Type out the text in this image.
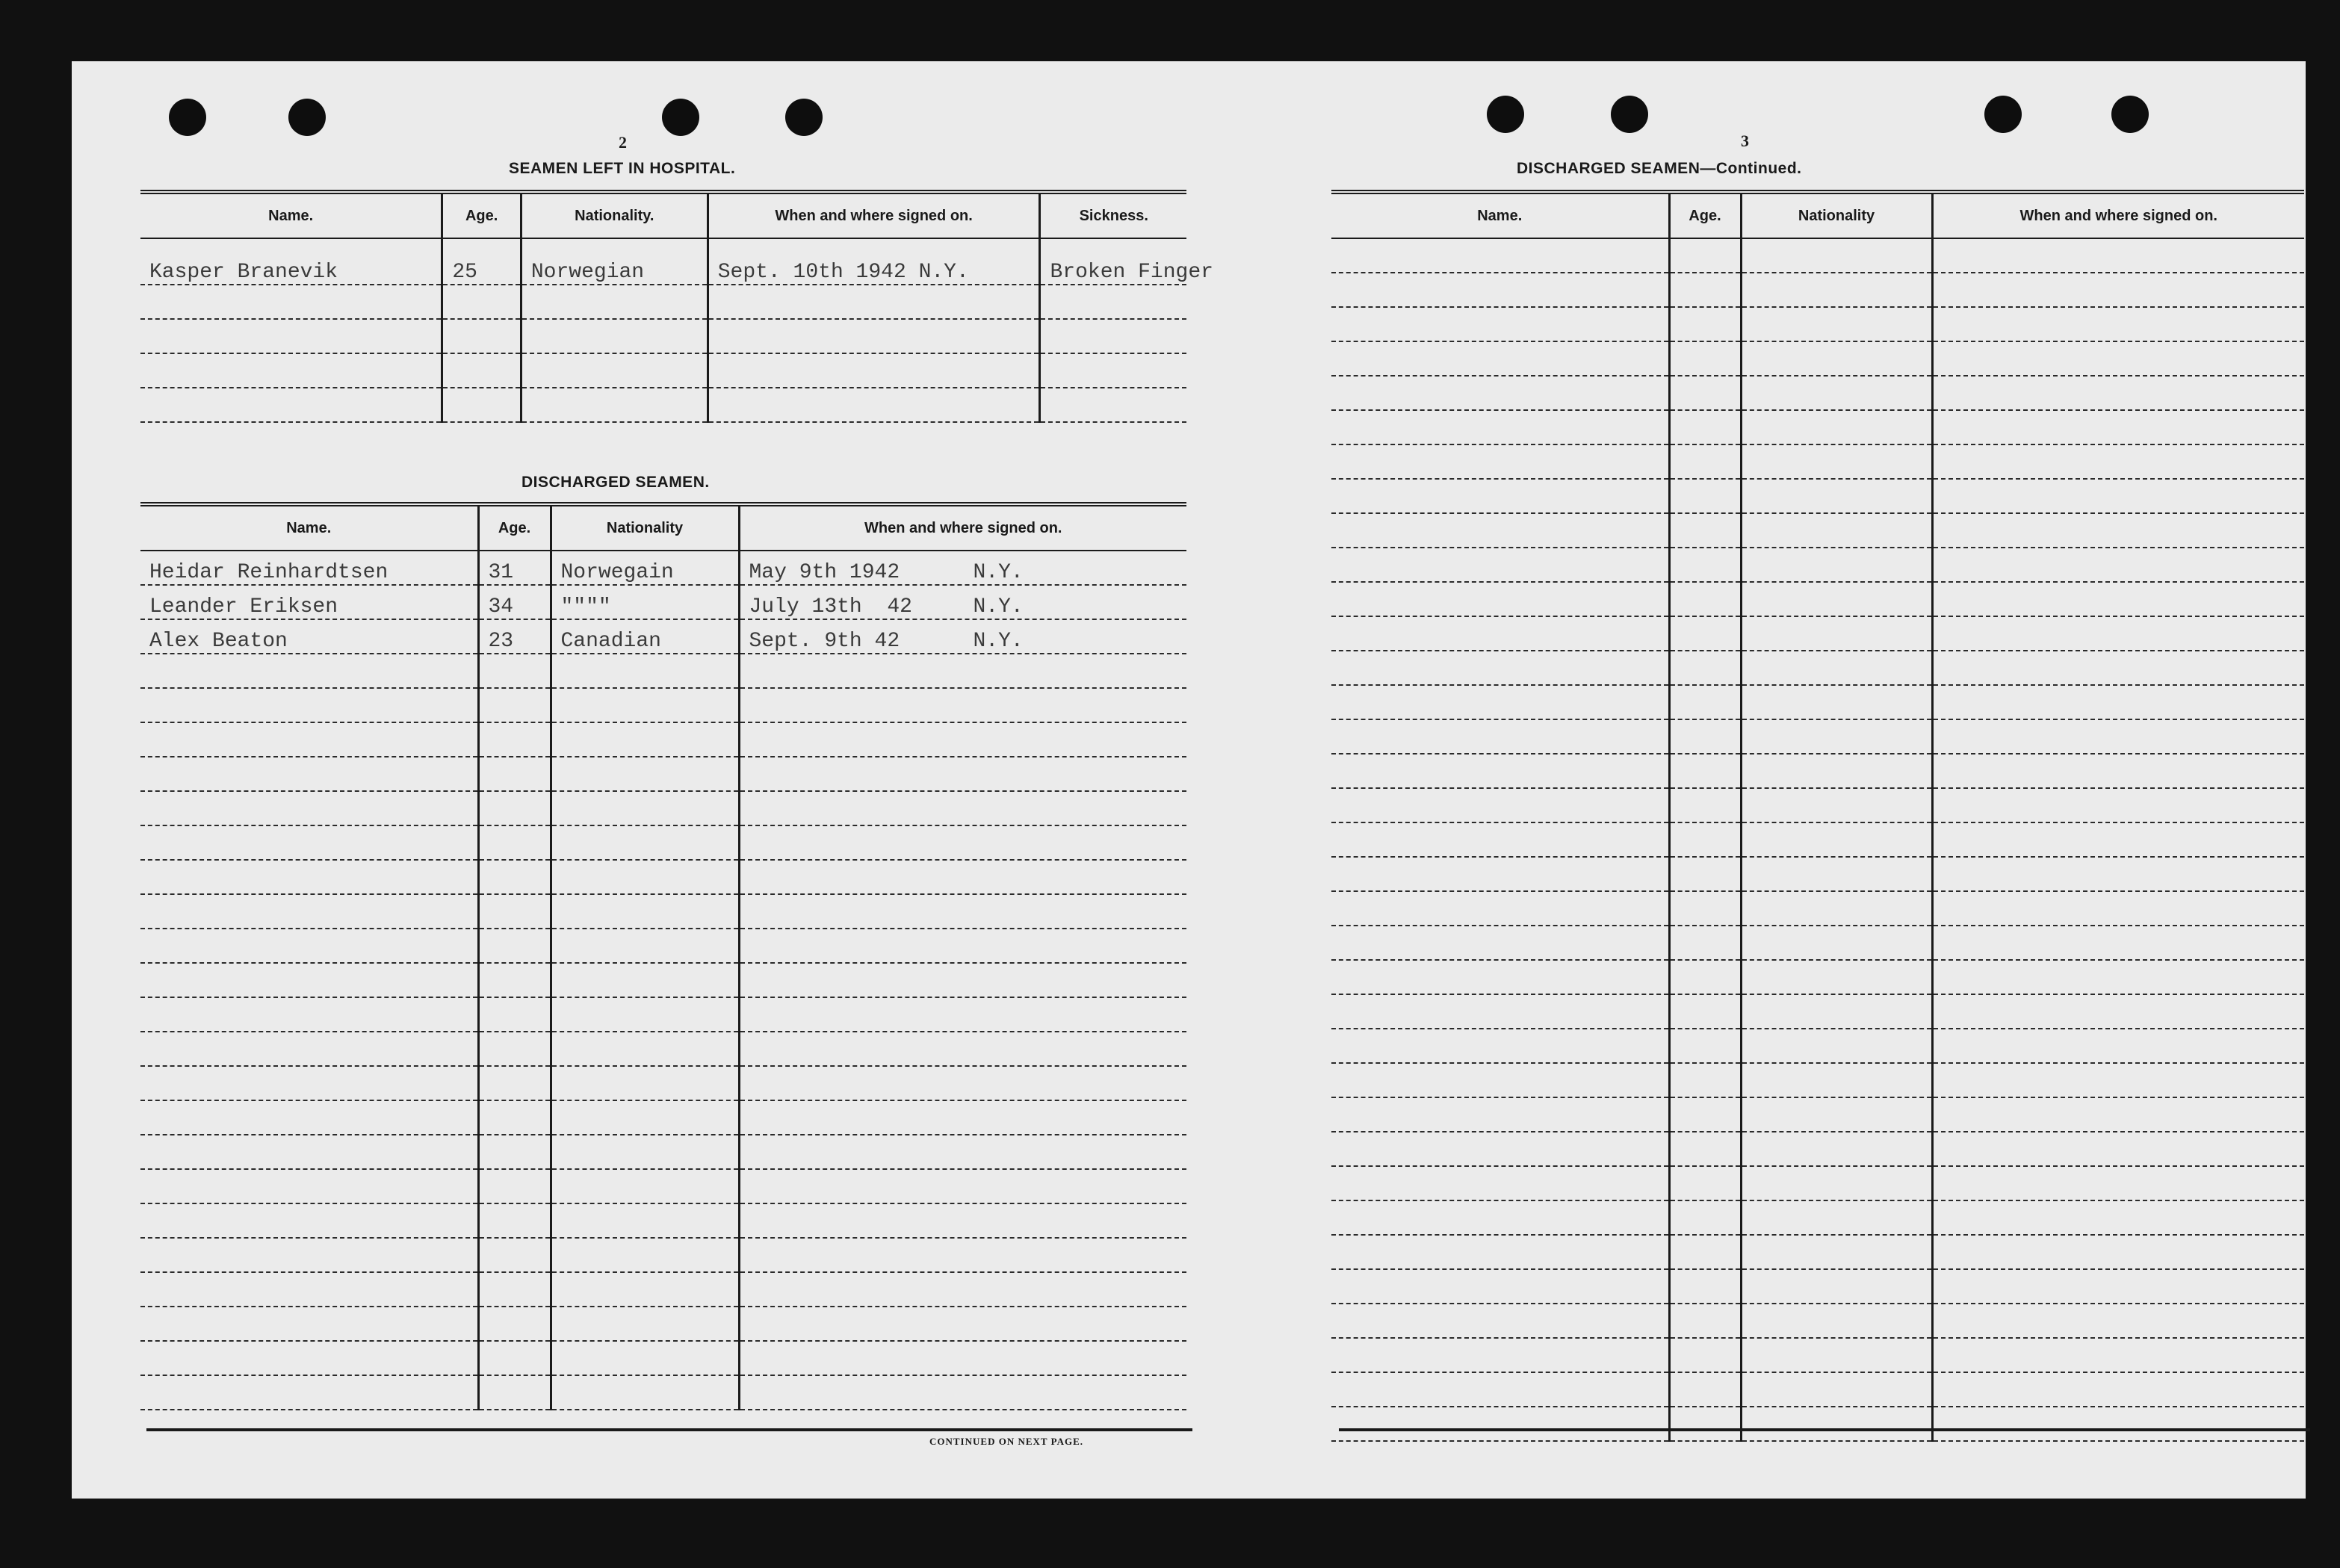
2
SEAMEN LEFT IN HOSPITAL.
Name.	Age.	Nationality.	When and where signed on.	Sickness.
Kasper Branevik	25	Norwegian	Sept. 10th 1942 N.Y.	Broken Finger

DISCHARGED SEAMEN.
Name.	Age.	Nationality	When and where signed on.
Heidar Reinhardtsen	31	Norwegain	May 9th 1942 N.Y.
Leander Eriksen	34	""""	July 13th  42 N.Y.
Alex Beaton	23	Canadian	Sept. 9th 42 N.Y.

CONTINUED ON NEXT PAGE.
3
DISCHARGED SEAMEN—Continued.
Name.	Age.	Nationality	When and where signed on.
